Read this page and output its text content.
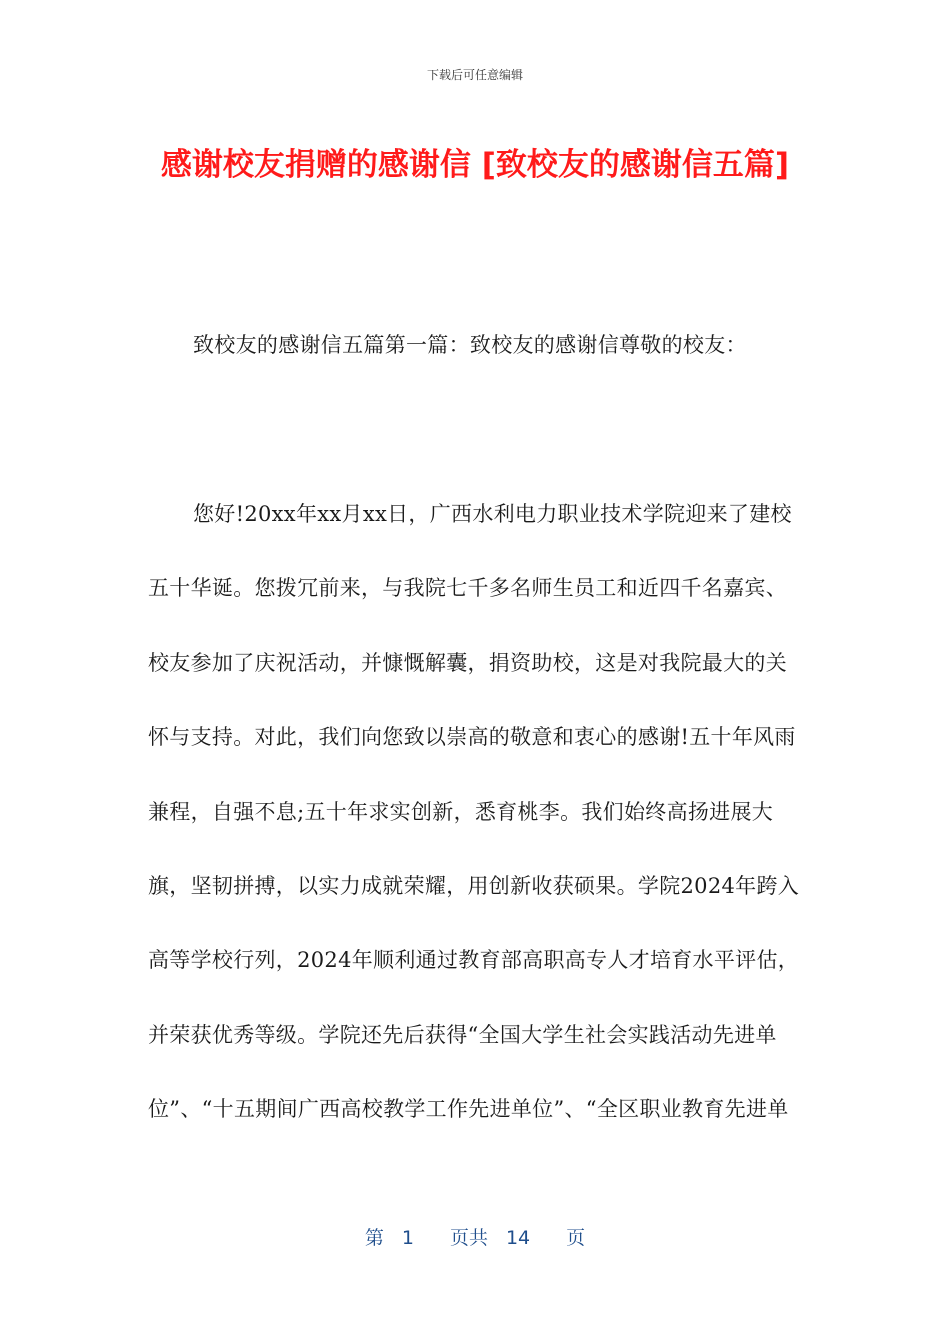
下载后可任意编辑
感谢校友捐赠的感谢信 [致校友的感谢信五篇]
致校友的感谢信五篇第一篇：致校友的感谢信尊敬的校友：

您好!20xx年xx月xx日，广西水利电力职业技术学院迎来了建校五十华诞。您拨冗前来，与我院七千多名师生员工和近四千名嘉宾、校友参加了庆祝活动，并慷慨解囊，捐资助校，这是对我院最大的关怀与支持。对此，我们向您致以崇高的敬意和衷心的感谢!五十年风雨兼程，自强不息;五十年求实创新，悉育桃李。我们始终高扬进展大旗，坚韧拼搏，以实力成就荣耀，用创新收获硕果。学院2024年跨入高等学校行列，2024年顺利通过教育部高职高专人才培育水平评估，并荣获优秀等级。学院还先后获得“全国大学生社会实践活动先进单位”、“十五期间广西高校教学工作先进单位”、“全区职业教育先进单

第 1 页共 14 页
